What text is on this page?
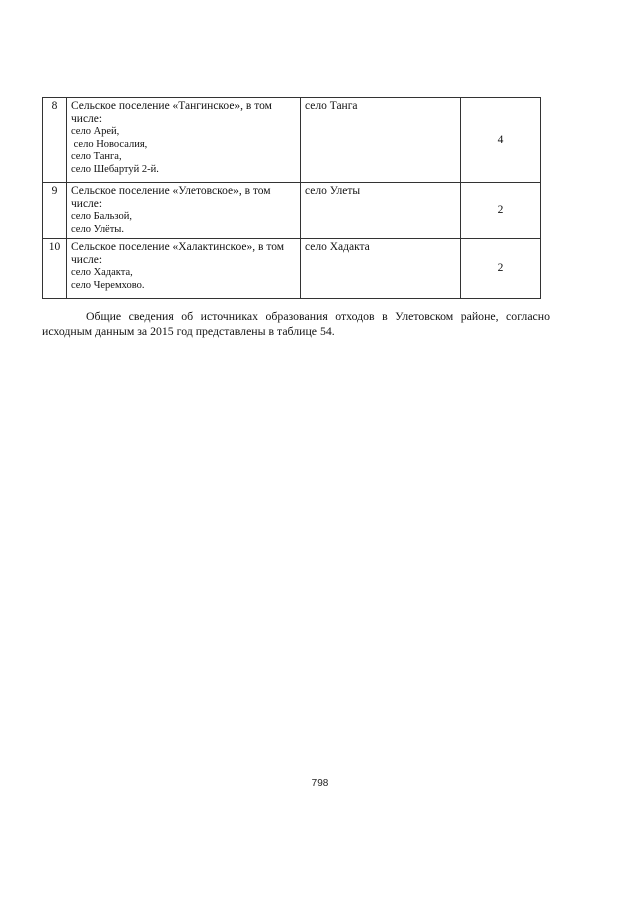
8	Сельское поселение «Тангинское», в том числе:
село Арей,
село Новосалия,
село Танга,
село Шебартуй 2-й.	село Танга	4
9	Сельское поселение «Улетовское», в том числе:
село Бальзой,
село Улёты.	село Улеты	2
10	Сельское поселение «Халактинское», в том числе:
село Хадакта,
село Черемхово.	село Хадакта	2

Общие сведения об источниках образования отходов в Улетовском районе, согласно
исходным данным за 2015 год представлены в таблице 54.

798
